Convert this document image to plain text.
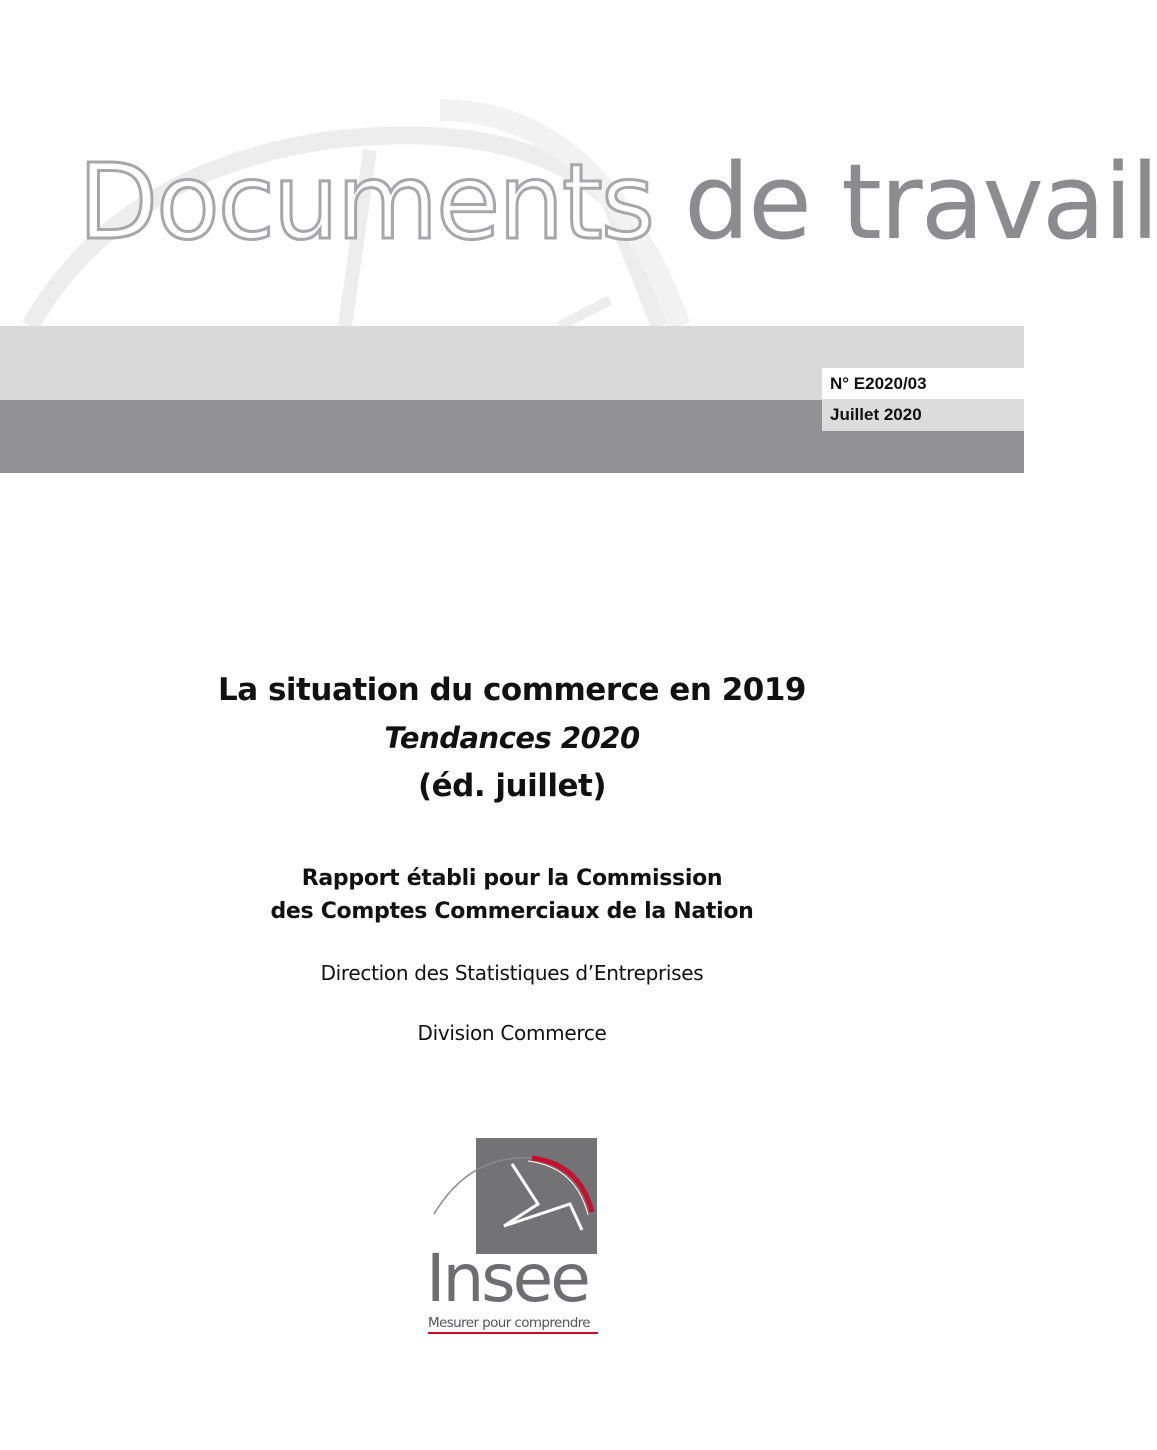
Documents de travail
N° E2020/03
Juillet 2020
La situation du commerce en 2019
Tendances 2020
(éd. juillet)
Rapport établi pour la Commission
des Comptes Commerciaux de la Nation
Direction des Statistiques d’Entreprises
Division Commerce
Insee
Mesurer pour comprendre
